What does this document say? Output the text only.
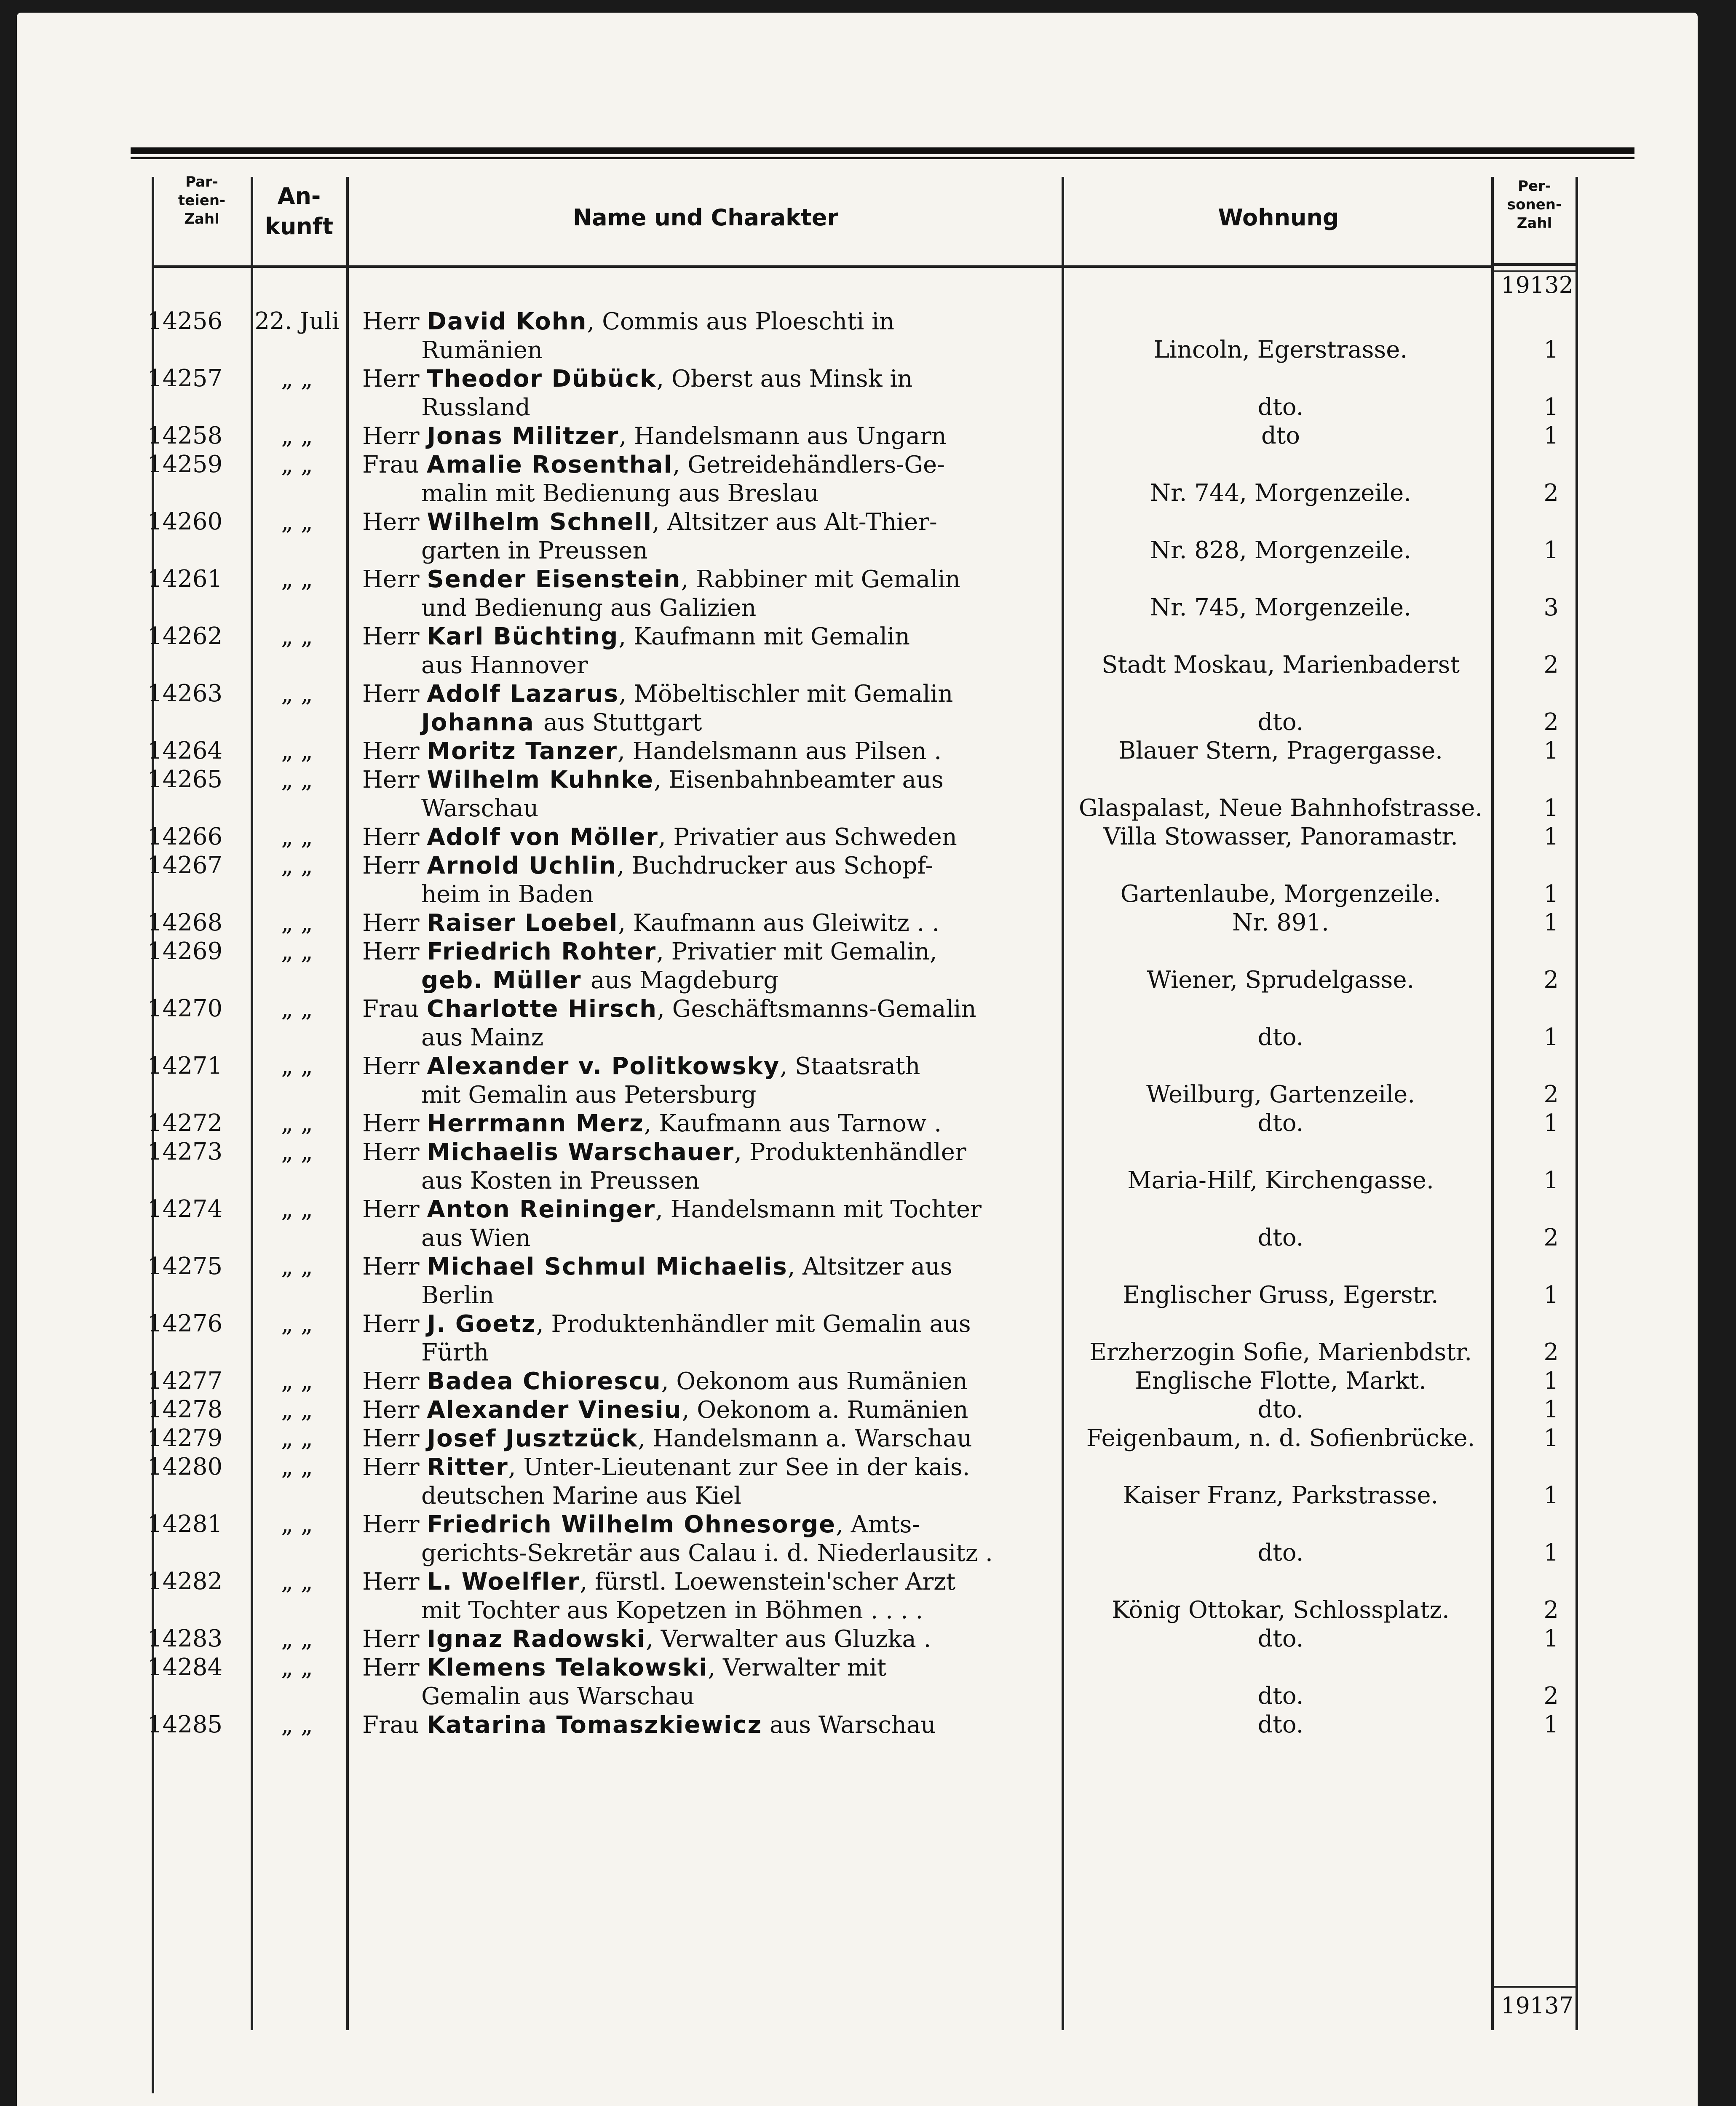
Par-
teien-
Zahl
An-
kunft	Name und Charakter	Wohnung
Per-
sonen-
Zahl
19132
14256	22. Juli Herr David Kohn, Commis aus Ploeschti in
Rumänien	Lincoln, Egerstrasse.	1
14257	„ „	Herr Theodor Dübück, Oberst aus Minsk in
Russland	dto.	1
14258	„ „	Herr Jonas Militzer, Handelsmann aus Ungarn	dto	1
14259	„ „	Frau Amalie Rosenthal, Getreidehändlers-Ge-
malin mit Bedienung aus Breslau	Nr. 744, Morgenzeile.	2
14260	„ „	Herr Wilhelm Schnell, Altsitzer aus Alt-Thier-
garten in Preussen	Nr. 828, Morgenzeile.	1
14261	„ „	Herr Sender Eisenstein, Rabbiner mit Gemalin
und Bedienung aus Galizien	Nr. 745, Morgenzeile.	3
14262	„ „	Herr Karl Büchting, Kaufmann mit Gemalin
aus Hannover	Stadt Moskau, Marienbaderst	2
14263	„ „	Herr Adolf Lazarus, Möbeltischler mit Gemalin
Johanna aus Stuttgart	dto.	2
14264	„ „	Herr Moritz Tanzer, Handelsmann aus Pilsen .	Blauer Stern, Pragergasse.	1
14265	„ „	Herr Wilhelm Kuhnke, Eisenbahnbeamter aus
Warschau	Glaspalast, Neue Bahnhofstrasse.	1
14266	„ „	Herr Adolf von Möller, Privatier aus Schweden	Villa Stowasser, Panoramastr.	1
14267	„ „	Herr Arnold Uchlin, Buchdrucker aus Schopf-
heim in Baden	Gartenlaube, Morgenzeile.	1
14268	„ „	Herr Raiser Loebel, Kaufmann aus Gleiwitz . .	Nr. 891.	1
14269	„ „	Herr Friedrich Rohter, Privatier mit Gemalin,
geb. Müller aus Magdeburg	Wiener, Sprudelgasse.	2
14270	„ „	Frau Charlotte Hirsch, Geschäftsmanns-Gemalin
aus Mainz	dto.	1
14271	„ „	Herr Alexander v. Politkowsky, Staatsrath
mit Gemalin aus Petersburg	Weilburg, Gartenzeile.	2
14272	„ „	Herr Herrmann Merz, Kaufmann aus Tarnow .	dto.	1
14273	„ „	Herr Michaelis Warschauer, Produktenhändler
aus Kosten in Preussen	Maria-Hilf, Kirchengasse.	1
14274	„ „	Herr Anton Reininger, Handelsmann mit Tochter
aus Wien	dto.	2
14275	„ „	Herr Michael Schmul Michaelis, Altsitzer aus
Berlin	Englischer Gruss, Egerstr.	1
14276	„ „	Herr J. Goetz, Produktenhändler mit Gemalin aus
Fürth	Erzherzogin Sofie, Marienbdstr.	2
14277	„ „	Herr Badea Chiorescu, Oekonom aus Rumänien	Englische Flotte, Markt.	1
14278	„ „	Herr Alexander Vinesiu, Oekonom a. Rumänien	dto.	1
14279	„ „	Herr Josef Jusztzück, Handelsmann a. Warschau	Feigenbaum, n. d. Sofienbrücke.	1
14280	„ „	Herr Ritter, Unter-Lieutenant zur See in der kais.
deutschen Marine aus Kiel	Kaiser Franz, Parkstrasse.	1
14281	„ „	Herr Friedrich Wilhelm Ohnesorge, Amts-
gerichts-Sekretär aus Calau i. d. Niederlausitz .	dto.	1
14282	„ „	Herr L. Woelfler, fürstl. Loewenstein'scher Arzt
mit Tochter aus Kopetzen in Böhmen . . . .	König Ottokar, Schlossplatz.	2
14283	„ „	Herr Ignaz Radowski, Verwalter aus Gluzka .	dto.	1
14284	„ „	Herr Klemens Telakowski, Verwalter mit
Gemalin aus Warschau	dto.	2
14285	„ „	Frau Katarina Tomaszkiewicz aus Warschau	dto.	1
19137
